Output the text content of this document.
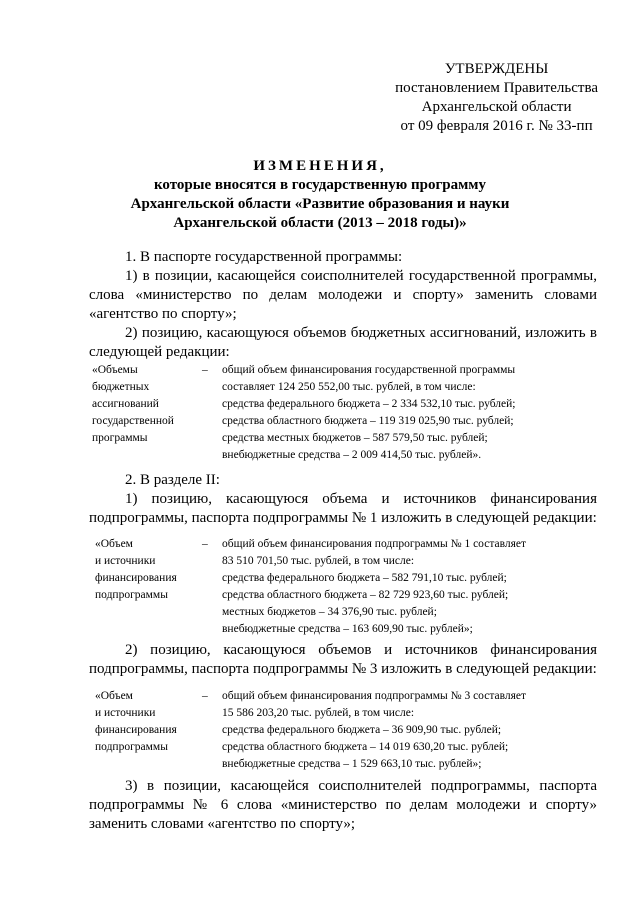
УТВЕРЖДЕНЫ
постановлением Правительства
Архангельской области
от 09 февраля 2016 г. № 33-пп
ИЗМЕНЕНИЯ,
которые вносятся в государственную программу
Архангельской области «Развитие образования и науки
Архангельской области (2013 – 2018 годы)»
1. В паспорте государственной программы:
1) в позиции, касающейся соисполнителей государственной программы, слова «министерство по делам молодежи и спорту» заменить словами «агентство по спорту»;
2) позицию, касающуюся объемов бюджетных ассигнований, изложить в следующей редакции:
«Объемы
бюджетных
ассигнований
государственной
программы
– общий объем финансирования государственной программы
составляет 124 250 552,00 тыс. рублей, в том числе:
средства федерального бюджета – 2 334 532,10 тыс. рублей;
средства областного бюджета – 119 319 025,90 тыс. рублей;
средства местных бюджетов – 587 579,50 тыс. рублей;
внебюджетные средства – 2 009 414,50 тыс. рублей».
2. В разделе II:
1) позицию, касающуюся объема и источников финансирования подпрограммы, паспорта подпрограммы № 1 изложить в следующей редакции:
«Объем
и источники
финансирования
подпрограммы
– общий объем финансирования подпрограммы № 1 составляет
83 510 701,50 тыс. рублей, в том числе:
средства федерального бюджета – 582 791,10 тыс. рублей;
средства областного бюджета – 82 729 923,60 тыс. рублей;
местных бюджетов – 34 376,90 тыс. рублей;
внебюджетные средства – 163 609,90 тыс. рублей»;
2) позицию, касающуюся объемов и источников финансирования подпрограммы, паспорта подпрограммы № 3 изложить в следующей редакции:
«Объем
и источники
финансирования
подпрограммы
– общий объем финансирования подпрограммы № 3 составляет
15 586 203,20 тыс. рублей, в том числе:
средства федерального бюджета – 36 909,90 тыс. рублей;
средства областного бюджета – 14 019 630,20 тыс. рублей;
внебюджетные средства – 1 529 663,10 тыс. рублей»;
3) в позиции, касающейся соисполнителей подпрограммы, паспорта подпрограммы № 6 слова «министерство по делам молодежи и спорту» заменить словами «агентство по спорту»;
